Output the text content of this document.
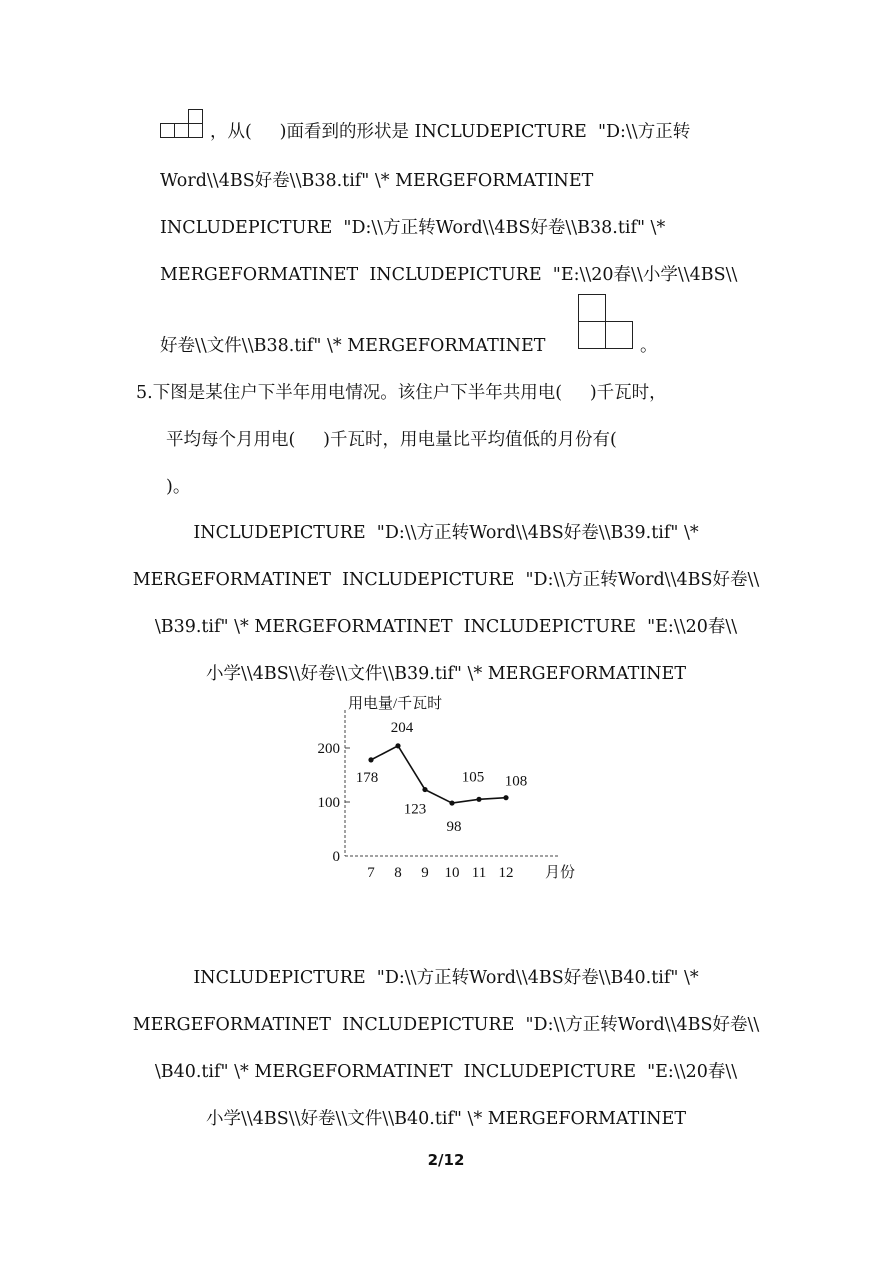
，从(     )面看到的形状是 INCLUDEPICTURE  "D:\\方正转
Word\\4BS好卷\\B38.tif" \* MERGEFORMATINET
INCLUDEPICTURE  "D:\\方正转Word\\4BS好卷\\B38.tif" \*
MERGEFORMATINET  INCLUDEPICTURE  "E:\\20春\\小学\\4BS\\
好卷\\文件\\B38.tif" \* MERGEFORMATINET	。
5.下图是某住户下半年用电情况。该住户下半年共用电(     )千瓦时，
平均每个月用电(     )千瓦时，用电量比平均值低的月份有(
)。
INCLUDEPICTURE  "D:\\方正转Word\\4BS好卷\\B39.tif" \*
MERGEFORMATINET  INCLUDEPICTURE  "D:\\方正转Word\\4BS好卷\\
\B39.tif" \* MERGEFORMATINET  INCLUDEPICTURE  "E:\\20春\\
小学\\4BS\\好卷\\文件\\B39.tif" \* MERGEFORMATINET
用电量/千瓦时
月份
0
100
200
7 8 9 10 11 12
178
204
123
98
105 108
INCLUDEPICTURE  "D:\\方正转Word\\4BS好卷\\B40.tif" \*
MERGEFORMATINET  INCLUDEPICTURE  "D:\\方正转Word\\4BS好卷\\
\B40.tif" \* MERGEFORMATINET  INCLUDEPICTURE  "E:\\20春\\
小学\\4BS\\好卷\\文件\\B40.tif" \* MERGEFORMATINET
2/12
